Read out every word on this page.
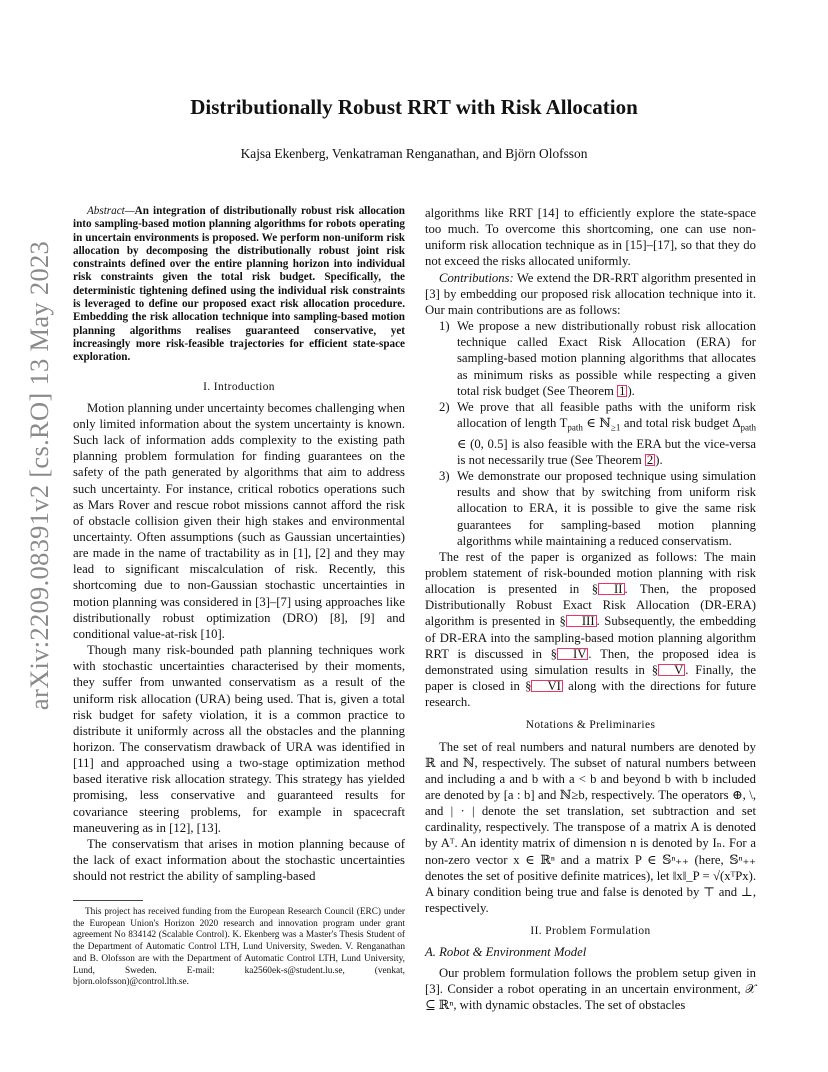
arXiv:2209.08391v2 [cs.RO] 13 May 2023
Distributionally Robust RRT with Risk Allocation
Kajsa Ekenberg, Venkatraman Renganathan, and Björn Olofsson

Abstract—An integration of distributionally robust risk allocation into sampling-based motion planning algorithms for robots operating in uncertain environments is proposed. We perform non-uniform risk allocation by decomposing the distributionally robust joint risk constraints defined over the entire planning horizon into individual risk constraints given the total risk budget. Specifically, the deterministic tightening defined using the individual risk constraints is leveraged to define our proposed exact risk allocation procedure. Embedding the risk allocation technique into sampling-based motion planning algorithms realises guaranteed conservative, yet increasingly more risk-feasible trajectories for efficient state-space exploration.

I. Introduction

Motion planning under uncertainty becomes challenging when only limited information about the system uncertainty is known. Such lack of information adds complexity to the existing path planning problem formulation for finding guarantees on the safety of the path generated by algorithms that aim to address such uncertainty. For instance, critical robotics operations such as Mars Rover and rescue robot missions cannot afford the risk of obstacle collision given their high stakes and environmental uncertainty. Often assumptions (such as Gaussian uncertainties) are made in the name of tractability as in [1], [2] and they may lead to significant miscalculation of risk. Recently, this shortcoming due to non-Gaussian stochastic uncertainties in motion planning was considered in [3]–[7] using approaches like distributionally robust optimization (DRO) [8], [9] and conditional value-at-risk [10].

Though many risk-bounded path planning techniques work with stochastic uncertainties characterised by their moments, they suffer from unwanted conservatism as a result of the uniform risk allocation (URA) being used. That is, given a total risk budget for safety violation, it is a common practice to distribute it uniformly across all the obstacles and the planning horizon. The conservatism drawback of URA was identified in [11] and approached using a two-stage optimization method based iterative risk allocation strategy. This strategy has yielded promising, less conservative and guaranteed results for covariance steering problems, for example in spacecraft maneuvering as in [12], [13].

The conservatism that arises in motion planning because of the lack of exact information about the stochastic uncertainties should not restrict the ability of sampling-based

algorithms like RRT [14] to efficiently explore the state-space too much. To overcome this shortcoming, one can use non-uniform risk allocation technique as in [15]–[17], so that they do not exceed the risks allocated uniformly.

Contributions: We extend the DR-RRT algorithm presented in [3] by embedding our proposed risk allocation technique into it. Our main contributions are as follows:

1) We propose a new distributionally robust risk allocation technique called Exact Risk Allocation (ERA) for sampling-based motion planning algorithms that allocates as minimum risks as possible while respecting a given total risk budget (See Theorem 1 ).
2) We prove that all feasible paths with the uniform risk allocation of length $T_{path}$ ∈ ℕ$_{\ge 1}$ and total risk budget $\Delta_{path}$ ∈ (0, 0.5] is also feasible with the ERA but the vice-versa is not necessarily true (See Theorem 2 ).
3) We demonstrate our proposed technique using simulation results and show that by switching from uniform risk allocation to ERA, it is possible to give the same risk guarantees for sampling-based motion planning algorithms while maintaining a reduced conservatism.

The rest of the paper is organized as follows: The main problem statement of risk-bounded motion planning with risk allocation is presented in § II . Then, the proposed Distributionally Robust Exact Risk Allocation (DR-ERA) algorithm is presented in § III . Subsequently, the embedding of DR-ERA into the sampling-based motion planning algorithm RRT is discussed in § IV . Then, the proposed idea is demonstrated using simulation results in § V . Finally, the paper is closed in § VI along with the directions for future research.

Notations & Preliminaries

The set of real numbers and natural numbers are denoted by ℝ and ℕ, respectively. The subset of natural numbers between and including a and b with a < b and beyond b with b included are denoted by [a : b] and ℕ≥b, respectively. The operators ⊕, \, and | · | denote the set translation, set subtraction and set cardinality, respectively. The transpose of a matrix A is denoted by Aᵀ. An identity matrix of dimension n is denoted by Iₙ. For a non-zero vector x ∈ ℝⁿ and a matrix P ∈ 𝕊ⁿ₊₊ (here, 𝕊ⁿ₊₊ denotes the set of positive definite matrices), let ‖x‖_P = √(xᵀPx). A binary condition being true and false is denoted by ⊤ and ⊥, respectively.

II. Problem Formulation
A. Robot & Environment Model

Our problem formulation follows the problem setup given in [3]. Consider a robot operating in an uncertain environment, 𝒳 ⊆ ℝⁿ, with dynamic obstacles. The set of obstacles

This project has received funding from the European Research Council (ERC) under the European Union's Horizon 2020 research and innovation program under grant agreement No 834142 (Scalable Control). K. Ekenberg was a Master's Thesis Student of the Department of Automatic Control LTH, Lund University, Sweden. V. Renganathan and B. Olofsson are with the Department of Automatic Control LTH, Lund University, Lund, Sweden. E-mail: ka2560ek-s@student.lu.se, (venkat, bjorn.olofsson)@control.lth.se.
